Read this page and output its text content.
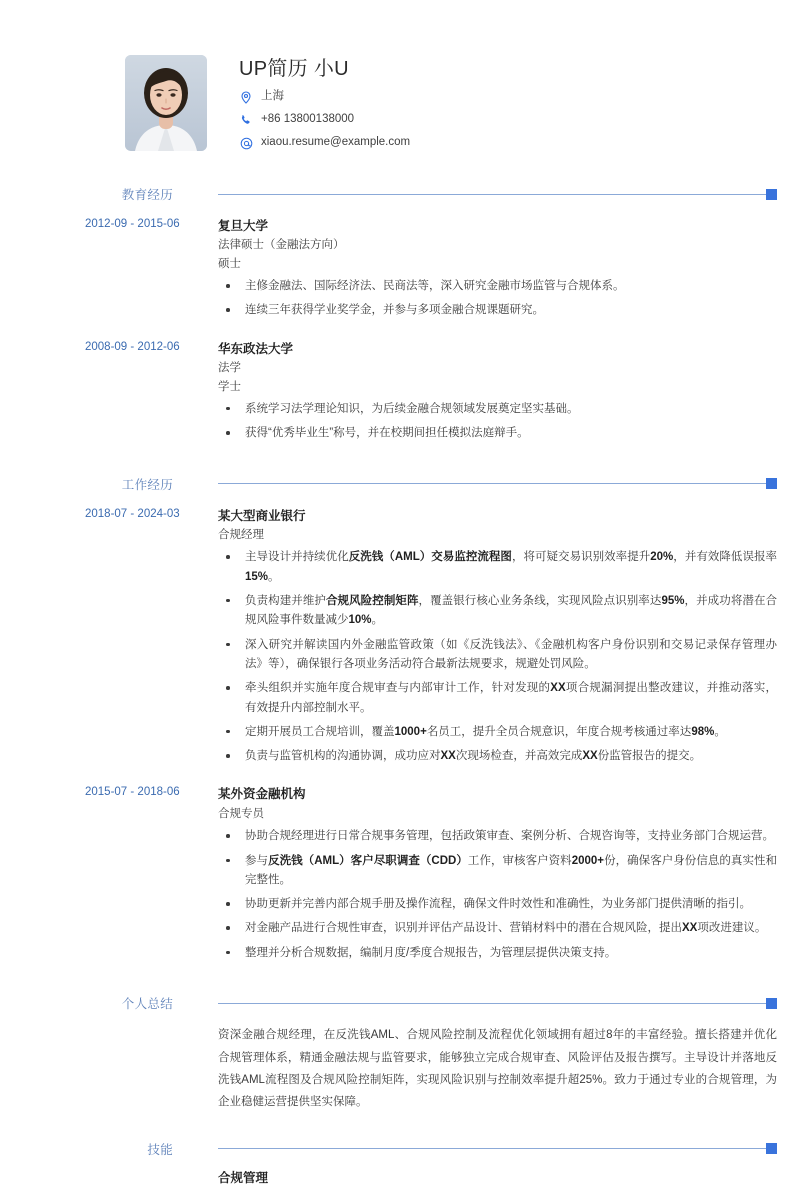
UP简历 小U
上海
+86 13800138000
xiaou.resume@example.com
教育经历
2012-09 - 2015-06	复旦大学
法律硕士（金融法方向）
硕士
主修金融法、国际经济法、民商法等，深入研究金融市场监管与合规体系。
连续三年获得学业奖学金，并参与多项金融合规课题研究。
2008-09 - 2012-06	华东政法大学
法学
学士
系统学习法学理论知识，为后续金融合规领域发展奠定坚实基础。
获得“优秀毕业生”称号，并在校期间担任模拟法庭辩手。
工作经历
2018-07 - 2024-03	某大型商业银行
合规经理
主导设计并持续优化反洗钱（AML）交易监控流程图，将可疑交易识别效率提升20%，并有效降低误报率15%。
负责构建并维护合规风险控制矩阵，覆盖银行核心业务条线，实现风险点识别率达95%，并成功将潜在合规风险事件数量减少10%。
深入研究并解读国内外金融监管政策（如《反洗钱法》、《金融机构客户身份识别和交易记录保存管理办法》等），确保银行各项业务活动符合最新法规要求，规避处罚风险。
牵头组织并实施年度合规审查与内部审计工作，针对发现的XX项合规漏洞提出整改建议，并推动落实，有效提升内部控制水平。
定期开展员工合规培训，覆盖1000+名员工，提升全员合规意识，年度合规考核通过率达98%。
负责与监管机构的沟通协调，成功应对XX次现场检查，并高效完成XX份监管报告的提交。
2015-07 - 2018-06	某外资金融机构
合规专员
协助合规经理进行日常合规事务管理，包括政策审查、案例分析、合规咨询等，支持业务部门合规运营。
参与反洗钱（AML）客户尽职调查（CDD）工作，审核客户资料2000+份，确保客户身份信息的真实性和完整性。
协助更新并完善内部合规手册及操作流程，确保文件时效性和准确性，为业务部门提供清晰的指引。
对金融产品进行合规性审查，识别并评估产品设计、营销材料中的潜在合规风险，提出XX项改进建议。
整理并分析合规数据，编制月度/季度合规报告，为管理层提供决策支持。
个人总结
资深金融合规经理，在反洗钱AML、合规风险控制及流程优化领域拥有超过8年的丰富经验。擅长搭建并优化合规管理体系，精通金融法规与监管要求，能够独立完成合规审查、风险评估及报告撰写。主导设计并落地反洗钱AML流程图及合规风险控制矩阵，实现风险识别与控制效率提升超25%。致力于通过专业的合规管理，为企业稳健运营提供坚实保障。
技能
合规管理
